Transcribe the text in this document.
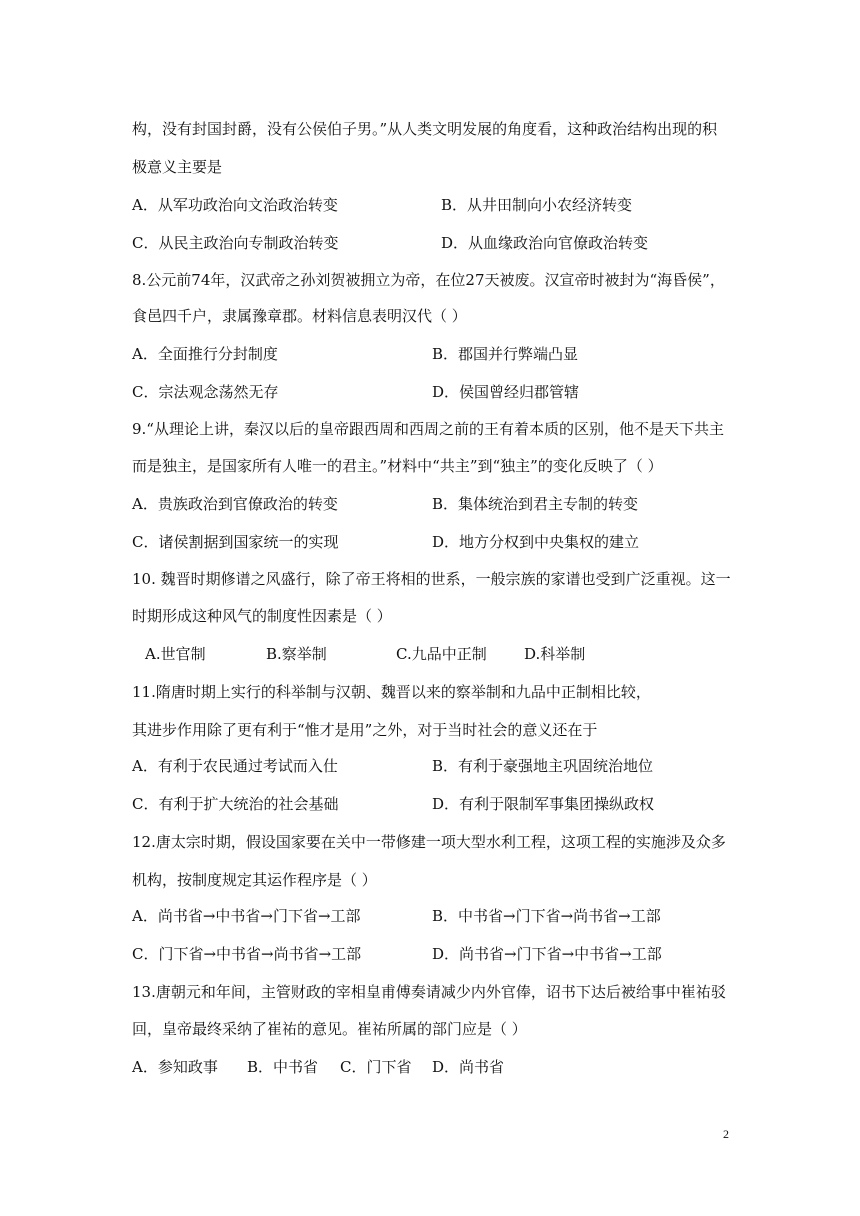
构，没有封国封爵，没有公侯伯子男。”从人类文明发展的角度看，这种政治结构出现的积
极意义主要是
A．从军功政治向文治政治转变	B．从井田制向小农经济转变
C．从民主政治向专制政治转变	D．从血缘政治向官僚政治转变
8.公元前74年，汉武帝之孙刘贺被拥立为帝，在位27天被废。汉宣帝时被封为“海昏侯”，
食邑四千户，隶属豫章郡。材料信息表明汉代（ ）
A．全面推行分封制度	B．郡国并行弊端凸显
C．宗法观念荡然无存	D．侯国曾经归郡管辖
9.“从理论上讲，秦汉以后的皇帝跟西周和西周之前的王有着本质的区别，他不是天下共主
而是独主，是国家所有人唯一的君主。”材料中“共主”到“独主”的变化反映了（ ）
A．贵族政治到官僚政治的转变	B．集体统治到君主专制的转变
C．诸侯割据到国家统一的实现	D．地方分权到中央集权的建立
10. 魏晋时期修谱之风盛行，除了帝王将相的世系，一般宗族的家谱也受到广泛重视。这一
时期形成这种风气的制度性因素是（ ）
A.世官制	B.察举制	C.九品中正制 D.科举制
11.隋唐时期上实行的科举制与汉朝、魏晋以来的察举制和九品中正制相比较，
其进步作用除了更有利于“惟才是用”之外，对于当时社会的意义还在于
A．有利于农民通过考试而入仕	B．有利于豪强地主巩固统治地位
C．有利于扩大统治的社会基础	D．有利于限制军事集团操纵政权
12.唐太宗时期，假设国家要在关中一带修建一项大型水利工程，这项工程的实施涉及众多
机构，按制度规定其运作程序是（ ）
A．尚书省→中书省→门下省→工部	B．中书省→门下省→尚书省→工部
C．门下省→中书省→尚书省→工部	D．尚书省→门下省→中书省→工部
13.唐朝元和年间，主管财政的宰相皇甫傅奏请减少内外官俸，诏书下达后被给事中崔祐驳
回，皇帝最终采纳了崔祐的意见。崔祐所属的部门应是（ ）
A．参知政事 B．中书省 C．门下省 D．尚书省
2
